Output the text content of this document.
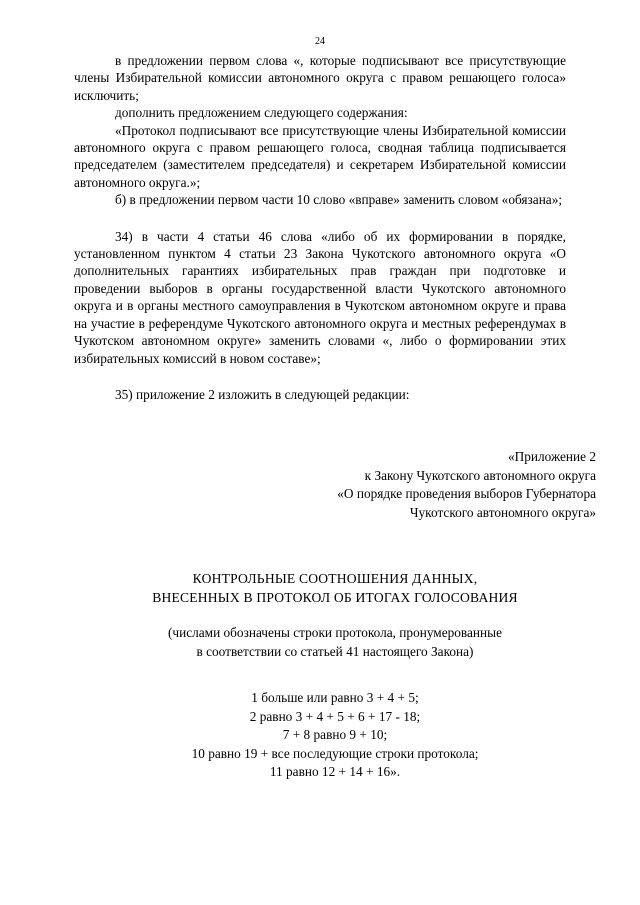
24

в предложении первом слова «, которые подписывают все присутствующие члены Избирательной комиссии автономного округа с правом решающего голоса» исключить;

дополнить предложением следующего содержания:

«Протокол подписывают все присутствующие члены Избирательной комиссии автономного округа с правом решающего голоса, сводная таблица подписывается председателем (заместителем председателя) и секретарем Избирательной комиссии автономного округа.»;

б) в предложении первом части 10 слово «вправе» заменить словом «обязана»;

34) в части 4 статьи 46 слова «либо об их формировании в порядке, установленном пунктом 4 статьи 23 Закона Чукотского автономного округа «О дополнительных гарантиях избирательных прав граждан при подготовке и проведении выборов в органы государственной власти Чукотского автономного округа и в органы местного самоуправления в Чукотском автономном округе и права на участие в референдуме Чукотского автономного округа и местных референдумах в Чукотском автономном округе» заменить словами «, либо о формировании этих избирательных комиссий в новом составе»;

35) приложение 2 изложить в следующей редакции:

«Приложение 2
к Закону Чукотского автономного округа
«О порядке проведения выборов Губернатора
Чукотского автономного округа»
КОНТРОЛЬНЫЕ СООТНОШЕНИЯ ДАННЫХ,
ВНЕСЕННЫХ В ПРОТОКОЛ ОБ ИТОГАХ ГОЛОСОВАНИЯ
(числами обозначены строки протокола, пронумерованные
в соответствии со статьей 41 настоящего Закона)
1 больше или равно 3 + 4 + 5;
2 равно 3 + 4 + 5 + 6 + 17 - 18;
7 + 8 равно 9 + 10;
10 равно 19 + все последующие строки протокола;
11 равно 12 + 14 + 16».
